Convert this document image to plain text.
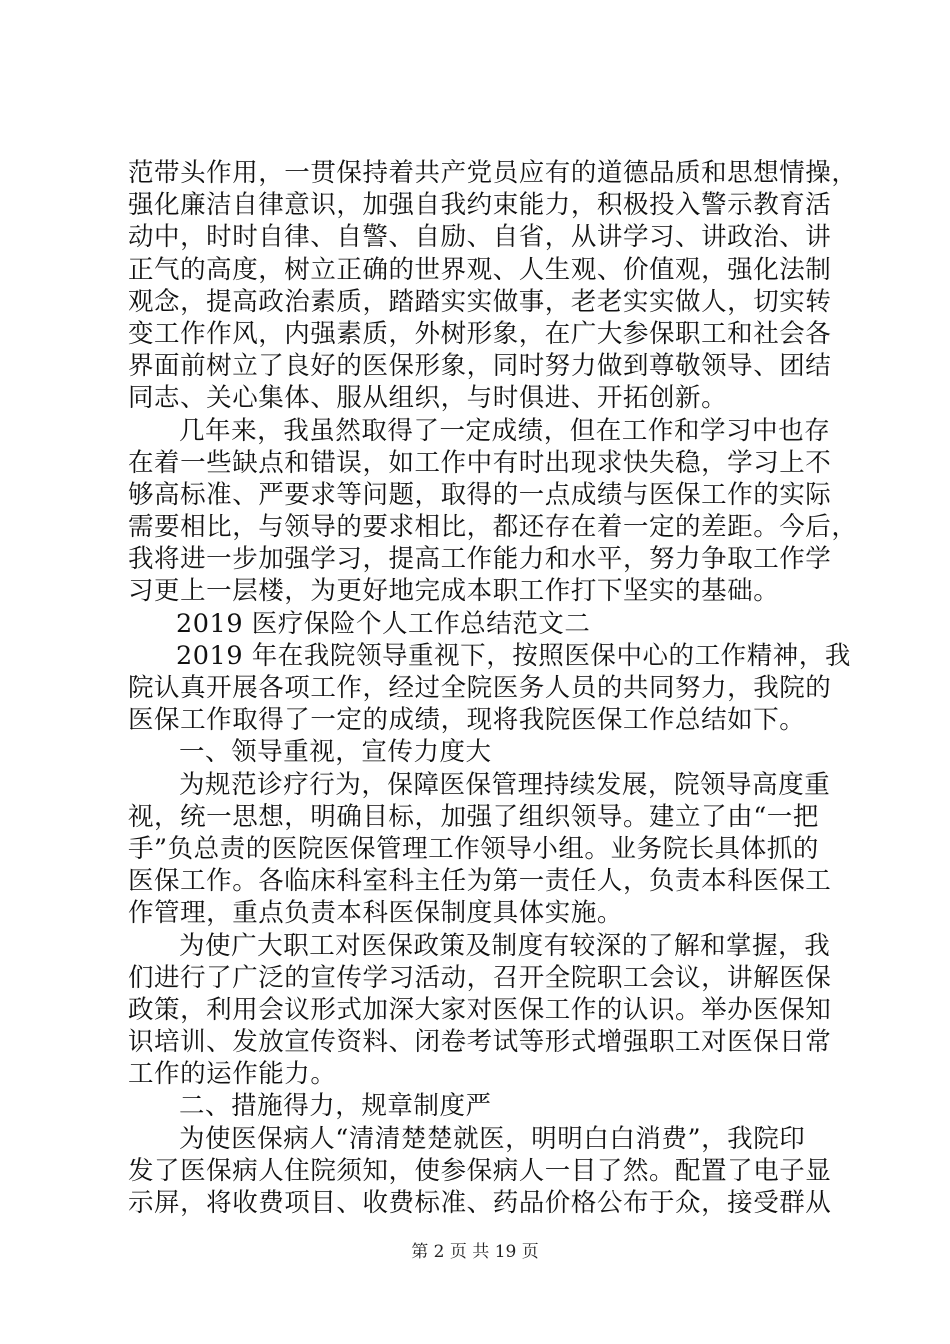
范带头作用，一贯保持着共产党员应有的道德品质和思想情操，
强化廉洁自律意识，加强自我约束能力，积极投入警示教育活
动中，时时自律、自警、自励、自省，从讲学习、讲政治、讲
正气的高度，树立正确的世界观、人生观、价值观，强化法制
观念，提高政治素质，踏踏实实做事，老老实实做人，切实转
变工作作风，内强素质，外树形象，在广大参保职工和社会各
界面前树立了良好的医保形象，同时努力做到尊敬领导、团结
同志、关心集体、服从组织，与时俱进、开拓创新。
几年来，我虽然取得了一定成绩，但在工作和学习中也存
在着一些缺点和错误，如工作中有时出现求快失稳，学习上不
够高标准、严要求等问题，取得的一点成绩与医保工作的实际
需要相比，与领导的要求相比，都还存在着一定的差距。今后，
我将进一步加强学习，提高工作能力和水平，努力争取工作学
习更上一层楼，为更好地完成本职工作打下坚实的基础。
2019 医疗保险个人工作总结范文二
2019 年在我院领导重视下，按照医保中心的工作精神，我
院认真开展各项工作，经过全院医务人员的共同努力，我院的
医保工作取得了一定的成绩，现将我院医保工作总结如下。
一、领导重视，宣传力度大
为规范诊疗行为，保障医保管理持续发展，院领导高度重
视，统一思想，明确目标，加强了组织领导。建立了由“一把
手”负总责的医院医保管理工作领导小组。业务院长具体抓的
医保工作。各临床科室科主任为第一责任人，负责本科医保工
作管理，重点负责本科医保制度具体实施。
为使广大职工对医保政策及制度有较深的了解和掌握，我
们进行了广泛的宣传学习活动，召开全院职工会议，讲解医保
政策，利用会议形式加深大家对医保工作的认识。举办医保知
识培训、发放宣传资料、闭卷考试等形式增强职工对医保日常
工作的运作能力。
二、措施得力，规章制度严
为使医保病人“清清楚楚就医，明明白白消费”，我院印
发了医保病人住院须知，使参保病人一目了然。配置了电子显
示屏，将收费项目、收费标准、药品价格公布于众，接受群从
第 2 页 共 19 页
